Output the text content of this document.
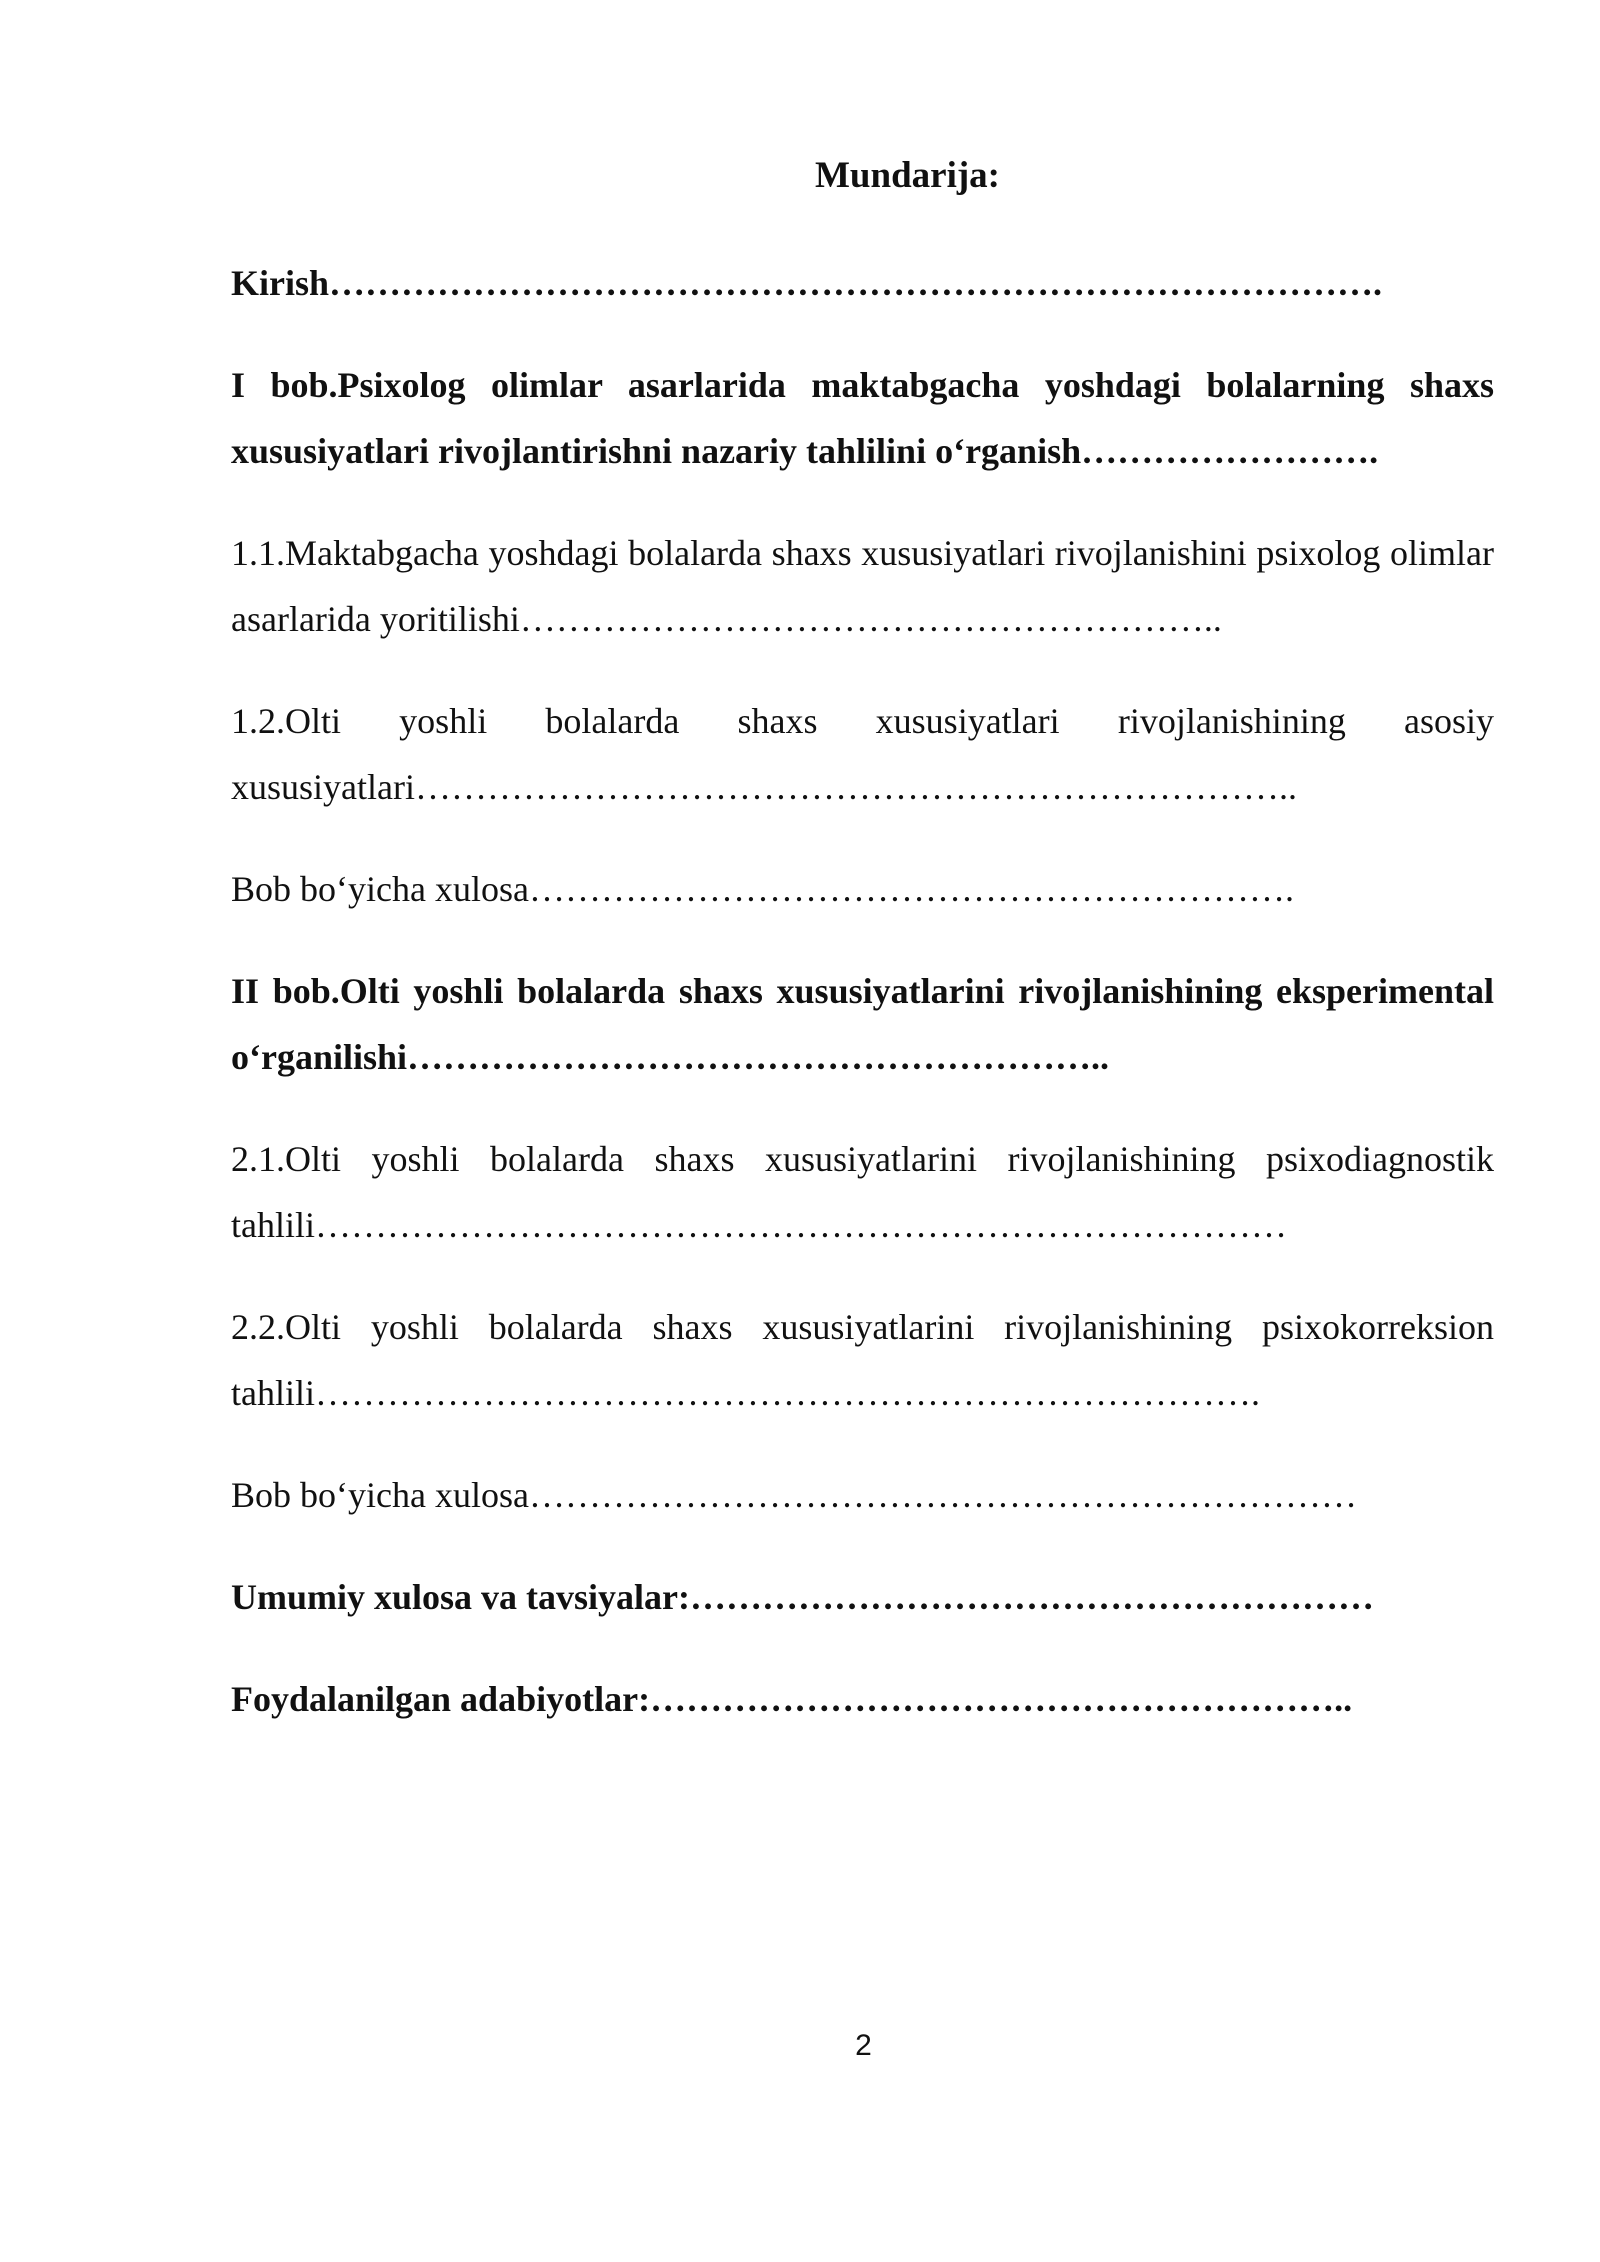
Mundarija:

Kirish…………………………………………………………………………….

I bob.Psixolog olimlar asarlarida maktabgacha yoshdagi bolalarning shaxs xususiyatlari rivojlantirishni nazariy tahlilini o‘rganish…………………….

1.1.Maktabgacha yoshdagi bolalarda shaxs xususiyatlari rivojlanishini psixolog olimlar asarlarida yoritilishi…………………………………………………..

1.2.Olti yoshli bolalarda shaxs xususiyatlari rivojlanishining asosiy xususiyatlari………………………………………………………………..

Bob bo‘yicha xulosa……………………………………………………….

II bob.Olti yoshli bolalarda shaxs xususiyatlarini rivojlanishining eksperimental o‘rganilishi…………………………………………………..

2.1.Olti yoshli bolalarda shaxs xususiyatlarini rivojlanishining psixodiagnostik tahlili………………………………………………………………………

2.2.Olti yoshli bolalarda shaxs xususiyatlarini rivojlanishining psixokorreksion tahlili…………………………………………………………………….

Bob bo‘yicha xulosa……………………………………………………………

Umumiy xulosa va tavsiyalar:…………………………………………………

Foydalanilgan adabiyotlar:…………………………………………………..

2
